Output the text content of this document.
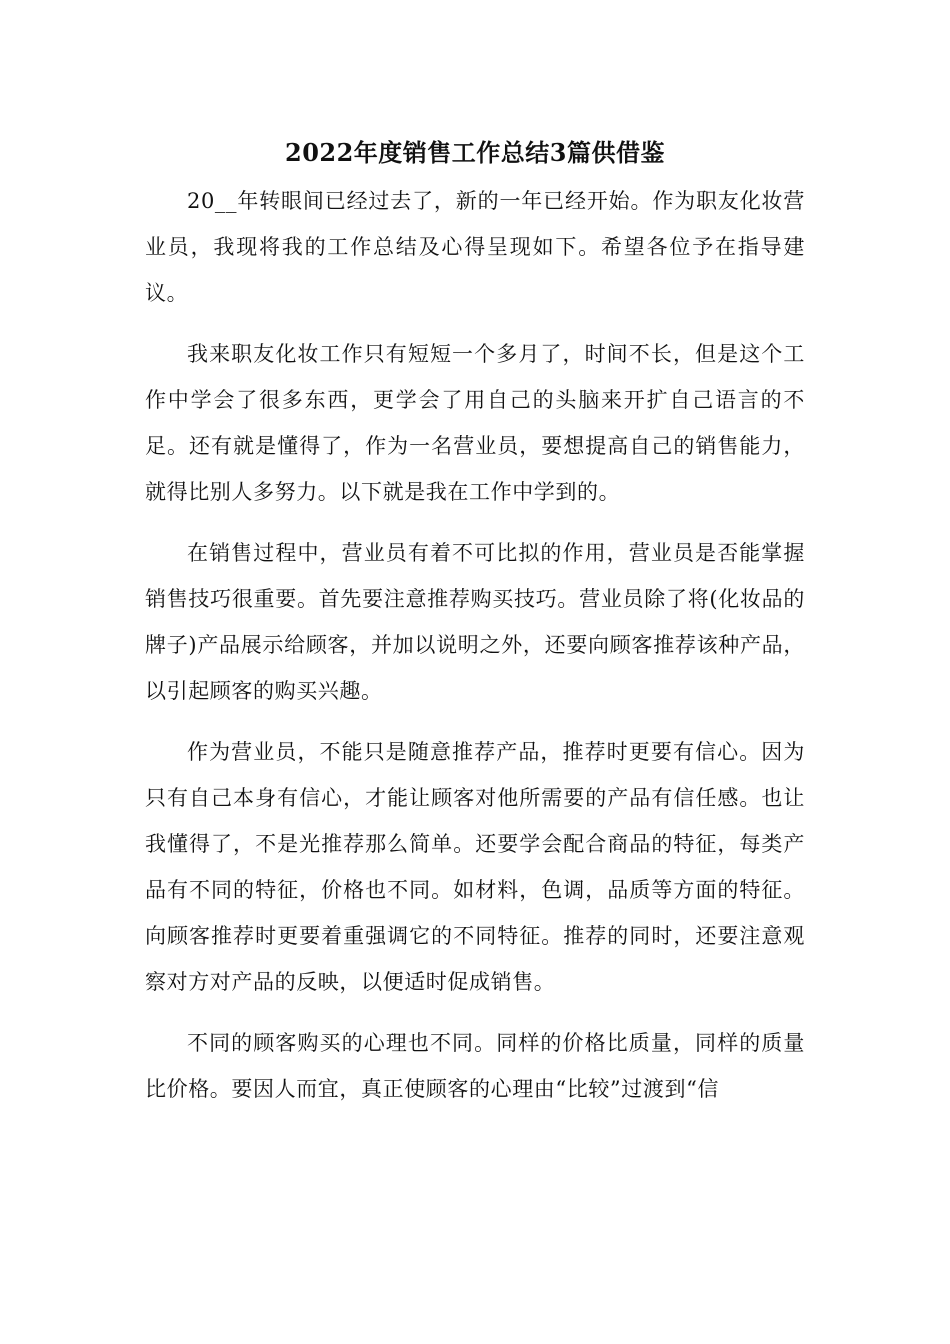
2022年度销售工作总结3篇供借鉴

20__年转眼间已经过去了，新的一年已经开始。作为职友化妆营业员，我现将我的工作总结及心得呈现如下。希望各位予在指导建议。

我来职友化妆工作只有短短一个多月了，时间不长，但是这个工作中学会了很多东西，更学会了用自己的头脑来开扩自己语言的不足。还有就是懂得了，作为一名营业员，要想提高自己的销售能力，就得比别人多努力。以下就是我在工作中学到的。

在销售过程中，营业员有着不可比拟的作用，营业员是否能掌握销售技巧很重要。首先要注意推荐购买技巧。营业员除了将(化妆品的牌子)产品展示给顾客，并加以说明之外，还要向顾客推荐该种产品，以引起顾客的购买兴趣。

作为营业员，不能只是随意推荐产品，推荐时更要有信心。因为只有自己本身有信心，才能让顾客对他所需要的产品有信任感。也让我懂得了，不是光推荐那么简单。还要学会配合商品的特征，每类产品有不同的特征，价格也不同。如材料，色调，品质等方面的特征。向顾客推荐时更要着重强调它的不同特征。推荐的同时，还要注意观察对方对产品的反映，以便适时促成销售。

不同的顾客购买的心理也不同。同样的价格比质量，同样的质量比价格。要因人而宜，真正使顾客的心理由“比较”过渡到“信
